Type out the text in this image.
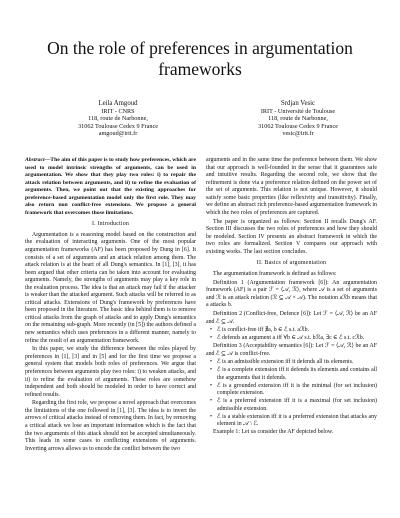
On the role of preferences in argumentation frameworks
Leila Amgoud
IRIT - CNRS
118, route de Narbonne,
31062 Toulouse Cedex 9 France
amgoud@irit.fr
Srdjan Vesic
IRIT - Université de Toulouse
118, route de Narbonne,
31062 Toulouse Cedex 9 France
vesic@irit.fr

Abstract—The aim of this paper is to study how preferences, which are used to model intrinsic strengths of arguments, can be used in argumentation. We show that they play two roles: i) to repair the attack relation between arguments, and ii) to refine the evaluation of arguments. Then, we point out that the existing approaches for preference-based argumentation model only the first role. They may also return non conflict-free extensions. We propose a general framework that overcomes those limitations.

I. Introduction

Argumentation is a reasoning model based on the construction and the evaluation of interacting arguments. One of the most popular argumentation frameworks (AF) has been proposed by Dung in [6]. It consists of a set of arguments and an attack relation among them. The attack relation is at the heart of all Dung's semantics. In [1], [3], it has been argued that other criteria can be taken into account for evaluating arguments. Namely, the strengths of arguments may play a key role in the evaluation process. The idea is that an attack may fail if the attacker is weaker than the attacked argument. Such attacks will be referred to as critical attacks. Extensions of Dung's framework by preferences have been proposed in the literature. The basic idea behind them is to remove critical attacks from the graph of attacks and to apply Dung's semantics on the remaining sub-graph. More recently (in [5]) the authors defined a new semantics which uses preferences in a different manner, namely to refine the result of an argumentation framework.

In this paper, we study the difference between the roles played by preferences in [1], [3] and in [5] and for the first time we propose a general system that models both roles of preferences. We argue that preferences between arguments play two roles: i) to weaken attacks, and ii) to refine the evaluation of arguments. These roles are somehow independent and both should be modeled in order to have correct and refined results.

Regarding the first role, we propose a novel approach that overcomes the limitations of the one followed in [1], [3]. The idea is to invert the arrows of critical attacks instead of removing them. In fact, by removing a critical attack we lose an important information which is the fact that the two arguments of this attack should not be accepted simultaneously. This leads in some cases to conflicting extensions of arguments. Inverting arrows allows us to encode the conflict between the two

arguments and in the same time the preference between them. We show that our approach is well-founded in the sense that it guarantees safe and intuitive results. Regarding the second role, we show that the refinement is done via a preference relation defined on the power set of the set of arguments. This relation is not unique. However, it should satisfy some basic properties (like reflexivity and transitivity). Finally, we define an abstract rich preference-based argumentation framework in which the two roles of preferences are captured.

The paper is organized as follows: Section II recalls Dung's AF. Section III discusses the two roles of preferences and how they should be modeled. Section IV presents an abstract framework in which the two roles are formalized. Section V compares our approach with existing works. The last section concludes.

II. Basics of argumentation

The argumentation framework is defined as follows:

Definition 1 (Argumentation framework [6]): An argumentation framework (AF) is a pair ℱ = ⟨𝒜, ℛ⟩, where 𝒜 is a set of arguments and ℛ is an attack relation (ℛ ⊆ 𝒜 × 𝒜). The notation aℛb means that a attacks b.

Definition 2 (Conflict-free, Defence [6]): Let ℱ = ⟨𝒜, ℛ⟩ be an AF and ℰ ⊆ 𝒜.

• ℰ is conflict-free iff ∄a, b ∈ ℰ s.t. aℛb.
• ℰ defends an argument a iff ∀b ∈ 𝒜 s.t. bℛa, ∃c ∈ ℰ s.t. cℛb.

Definition 3 (Acceptability semantics [6]): Let ℱ = ⟨𝒜, ℛ⟩ be an AF and ℰ ⊆ 𝒜 is conflict-free.

• ℰ is an admissible extension iff it defends all its elements.
• ℰ is a complete extension iff it defends its elements and contains all the arguments that it defends.
• ℰ is a grounded extension iff it is the minimal (for set inclusion) complete extension.
• ℰ is a preferred extension iff it is a maximal (for set inclusion) admissible extension.
• ℰ is a stable extension iff it is a preferred extension that attacks any element in 𝒜 \ ℰ.

Example 1: Let us consider the AF depicted below.
